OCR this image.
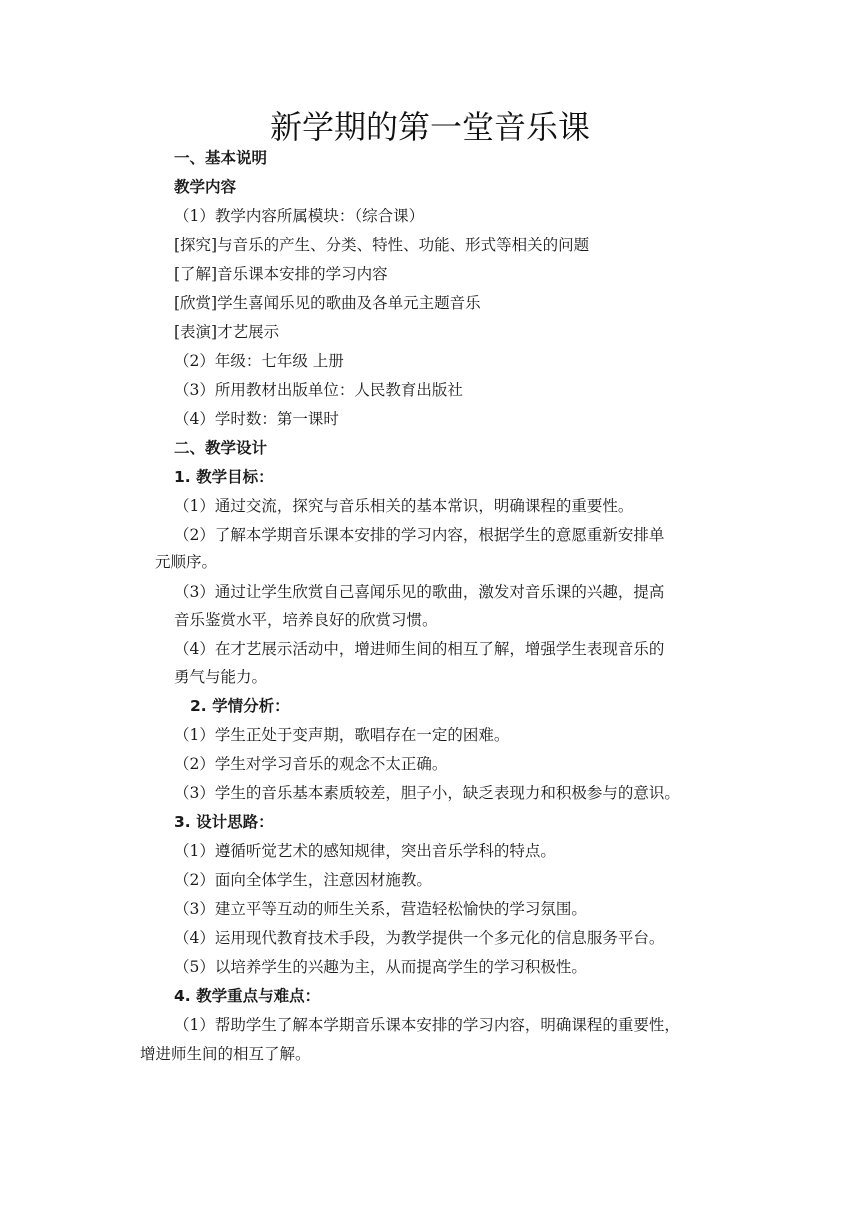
新学期的第一堂音乐课

一、基本说明

教学内容

（1）教学内容所属模块：（综合课）

[探究]与音乐的产生、分类、特性、功能、形式等相关的问题

[了解]音乐课本安排的学习内容

[欣赏]学生喜闻乐见的歌曲及各单元主题音乐

[表演]才艺展示

（2）年级：七年级 上册

（3）所用教材出版单位：人民教育出版社

（4）学时数：第一课时

二、教学设计

1. 教学目标：

（1）通过交流，探究与音乐相关的基本常识，明确课程的重要性。

（2）了解本学期音乐课本安排的学习内容，根据学生的意愿重新安排单

元顺序。

（3）通过让学生欣赏自己喜闻乐见的歌曲，激发对音乐课的兴趣，提高

音乐鉴赏水平，培养良好的欣赏习惯。

（4）在才艺展示活动中，增进师生间的相互了解，增强学生表现音乐的

勇气与能力。

2. 学情分析：

（1）学生正处于变声期，歌唱存在一定的困难。

（2）学生对学习音乐的观念不太正确。

（3）学生的音乐基本素质较差，胆子小，缺乏表现力和积极参与的意识。

3. 设计思路：

（1）遵循听觉艺术的感知规律，突出音乐学科的特点。

（2）面向全体学生，注意因材施教。

（3）建立平等互动的师生关系，营造轻松愉快的学习氛围。

（4）运用现代教育技术手段，为教学提供一个多元化的信息服务平台。

（5）以培养学生的兴趣为主，从而提高学生的学习积极性。

4. 教学重点与难点：

（1）帮助学生了解本学期音乐课本安排的学习内容，明确课程的重要性，

增进师生间的相互了解。
